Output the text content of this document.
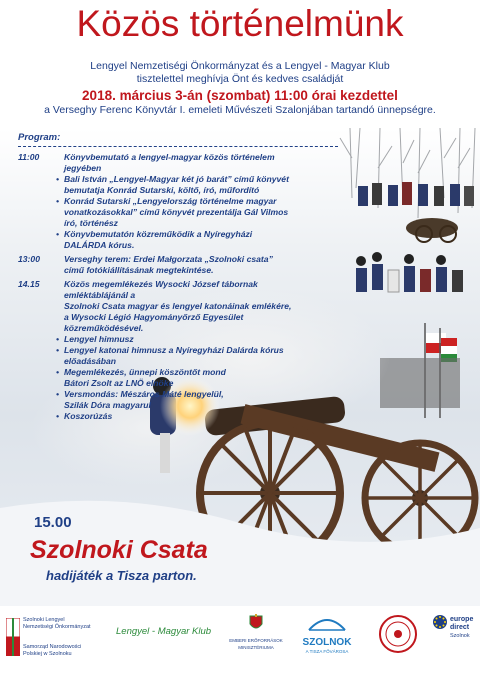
Közös történelmünk
Lengyel Nemzetiségi Önkormányzat és a Lengyel - Magyar Klub
tisztelettel meghívja Önt és kedves családját
2018. március 3-án (szombat) 11:00 órai kezdettel
a Verseghy Ferenc Könyvtár I. emeleti Művészeti Szalonjában tartandó ünnepségre.
Program:
11:00	Könyvbemutató a lengyel-magyar közös történelem
jegyében
• Bali István „Lengyel-Magyar két jó barát” című könyvét
bemutatja Konrád Sutarski, költő, író, műfordító
• Konrád Sutarski „Lengyelország történelme magyar
vonatkozásokkal” című könyvét prezentálja Gál Vilmos
író, történész
• Könyvbemutatón közreműködik a Nyíregyházi
DALÁRDA kórus.
13:00	Verseghy terem: Erdei Małgorzata „Szolnoki csata”
című fotókiállításának megtekintése.
14.15	Közös megemlékezés Wysocki József tábornak
emléktáblájánál a
Szolnoki Csata magyar és lengyel katonáinak emlékére,
a Wysocki Légió Hagyományőrző Egyesület
közreműködésével.
• Lengyel himnusz
• Lengyel katonai himnusz a Nyíregyházi Dalárda kórus
előadásában
• Megemlékezés, ünnepi köszöntőt mond
Bátori Zsolt az LNÖ elnöke
• Versmondás: Mészáros Máté lengyelül,
Szilák Dóra magyarul
• Koszorúzás
15.00
Szolnoki Csata
hadijáték a Tisza parton.
Szolnoki Lengyel
Nemzetiségi Önkormányzat
Samorząd Narodowości
Polskiej w Szolnoku
Lengyel - Magyar Klub
EMBERI ERŐFORRÁSOK
MINISZTÉRIUMA	SZOLNOK
A TISZA FŐVÁROSA
europe
direct
Szolnok
